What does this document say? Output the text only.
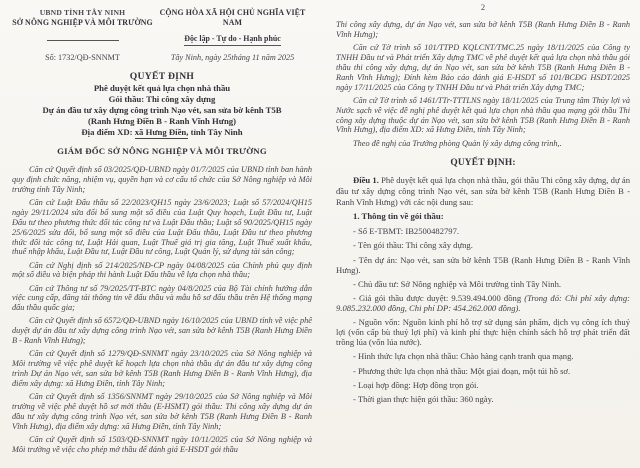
UBND TỈNH TÂY NINH
SỞ NÔNG NGHIỆP VÀ MÔI TRƯỜNG
CỘNG HÒA XÃ HỘI CHỦ NGHĨA VIỆT NAM
Độc lập - Tự do - Hạnh phúc
Số: 1732/QĐ-SNNMT	Tây Ninh, ngày 25tháng 11 năm 2025
QUYẾT ĐỊNH
Phê duyệt kết quả lựa chọn nhà thầu
Gói thầu: Thi công xây dựng
Dự án đầu tư xây dựng công trình Nạo vét, san sửa bờ kênh T5B
(Ranh Hưng Điền B - Ranh Vĩnh Hưng)
Địa điểm XD: xã Hưng Điền, tỉnh Tây Ninh
GIÁM ĐỐC SỞ NÔNG NGHIỆP VÀ MÔI TRƯỜNG

Căn cứ Quyết định số 03/2025/QĐ-UBND ngày 01/7/2025 của UBND tỉnh ban hành quy định chức năng, nhiệm vụ, quyền hạn và cơ cấu tổ chức của Sở Nông nghiệp và Môi trường tỉnh Tây Ninh;

Căn cứ Luật Đấu thầu số 22/2023/QH15 ngày 23/6/2023; Luật số 57/2024/QH15 ngày 29/11/2024 sửa đổi bổ sung một số điều của Luật Quy hoạch, Luật Đầu tư, Luật Đấu tư theo phương thức đối tác công tư và Luật Đấu thầu; Luật số 90/2025/QH15 ngày 25/6/2025 sửa đổi, bổ sung một số điều của Luật Đấu thầu, Luật Đầu tư theo phương thức đối tác công tư, Luật Hải quan, Luật Thuế giá trị gia tăng, Luật Thuế xuất khẩu, thuế nhập khẩu, Luật Đầu tư, Luật Đầu tư công, Luật Quản lý, sử dụng tài sản công;

Căn cứ Nghị định số 214/2025/NĐ-CP ngày 04/08/2025 của Chính phủ quy định một số điều và biện pháp thi hành Luật Đấu thầu về lựa chọn nhà thầu;

Căn cứ Thông tư số 79/2025/TT-BTC ngày 04/8/2025 của Bộ Tài chính hướng dẫn việc cung cấp, đăng tải thông tin về đấu thầu và mẫu hồ sơ đấu thầu trên Hệ thống mạng đấu thầu quốc gia;

Căn cứ Quyết định số 6572/QĐ-UBND ngày 16/10/2025 của UBND tỉnh về việc phê duyệt dự án đầu tư xây dựng công trình Nạo vét, san sửa bờ kênh T5B (Ranh Hưng Điền B - Ranh Vĩnh Hưng);

Căn cứ Quyết định số 1279/QĐ-SNNMT ngày 23/10/2025 của Sở Nông nghiệp và Môi trường về việc phê duyệt kế hoạch lựa chọn nhà thầu dự án đầu tư xây dựng công trình Dự án Nạo vét, san sửa bờ kênh T5B (Ranh Hưng Điền B - Ranh Vĩnh Hưng), địa điểm xây dựng: xã Hưng Điền, tỉnh Tây Ninh;

Căn cứ Quyết định số 1356/SNNMT ngày 29/10/2025 của Sở Nông nghiệp và Môi trường về việc phê duyệt hồ sơ mời thầu (E-HSMT) gói thầu: Thi công xây dựng dự án đầu tư xây dựng công trình Nạo vét, san sửa bờ kênh T5B (Ranh Hưng Điền B - Ranh Vĩnh Hưng), địa điểm xây dựng: xã Hưng Điền, tỉnh Tây Ninh;

Căn cứ Quyết định số 1503/QĐ-SNNMT ngày 10/11/2025 của Sở Nông nghiệp và Môi trường về việc cho phép mở thầu để đánh giá E-HSDT gói thầu

2

Thi công xây dựng, dự án Nạo vét, san sửa bờ kênh T5B (Ranh Hưng Điền B - Ranh Vĩnh Hưng);

Căn cứ Tờ trình số 101/TTPD KQLCNT/TMC.25 ngày 18/11/2025 của Công ty TNHH Đầu tư và Phát triển Xây dựng TMC về phê duyệt kết quả lựa chọn nhà thầu gói thầu thi công xây dựng, dự án Nạo vét, san sửa bờ kênh T5B (Ranh Hưng Điền B - Ranh Vĩnh Hưng); Đính kèm Báo cáo đánh giá E-HSDT số 101/BCĐG HSDT/2025 ngày 17/11/2025 của Công ty TNHH Đầu tư và Phát triển Xây dựng TMC;

Căn cứ Tờ trình số 1461/TTr-TTTLNS ngày 18/11/2025 của Trung tâm Thủy lợi và Nước sạch về việc đề nghị phê duyệt kết quả lựa chọn nhà thầu qua mạng gói thầu Thi công xây dựng thuộc dự án Nạo vét, san sửa bờ kênh T5B (Ranh Hưng Điền B - Ranh Vĩnh Hưng), địa điểm XD: xã Hưng Điền, tỉnh Tây Ninh;

Theo đề nghị của Trưởng phòng Quản lý xây dựng công trình,.

QUYẾT ĐỊNH:

Điều 1. Phê duyệt kết quả lựa chọn nhà thầu, gói thầu Thi công xây dựng, dự án đầu tư xây dựng công trình Nạo vét, san sửa bờ kênh T5B (Ranh Hưng Điền B - Ranh Vĩnh Hưng) với các nội dung sau:

1. Thông tin về gói thầu:

- Số E-TBMT: IB2500482797.

- Tên gói thầu: Thi công xây dựng.

- Tên dự án: Nạo vét, san sửa bờ kênh T5B (Ranh Hưng Điền B - Ranh Vĩnh Hưng).

- Chủ đầu tư: Sở Nông nghiệp và Môi trường tỉnh Tây Ninh.

- Giá gói thầu được duyệt: 9.539.494.000 đồng (Trong đó: Chi phí xây dựng: 9.085.232.000 đồng, Chi phí DP: 454.262.000 đồng).

- Nguồn vốn: Nguồn kinh phí hỗ trợ sử dụng sản phẩm, dịch vụ công ích thuỷ lợi (vốn cấp bù thuỷ lợi phí) và kinh phí thực hiện chính sách hỗ trợ phát triển đất trồng lúa (vốn lúa nước).

- Hình thức lựa chọn nhà thầu: Chào hàng cạnh tranh qua mạng.

- Phương thức lựa chọn nhà thầu: Một giai đoạn, một túi hồ sơ.

- Loại hợp đồng: Hợp đồng trọn gói.

- Thời gian thực hiện gói thầu: 360 ngày.
